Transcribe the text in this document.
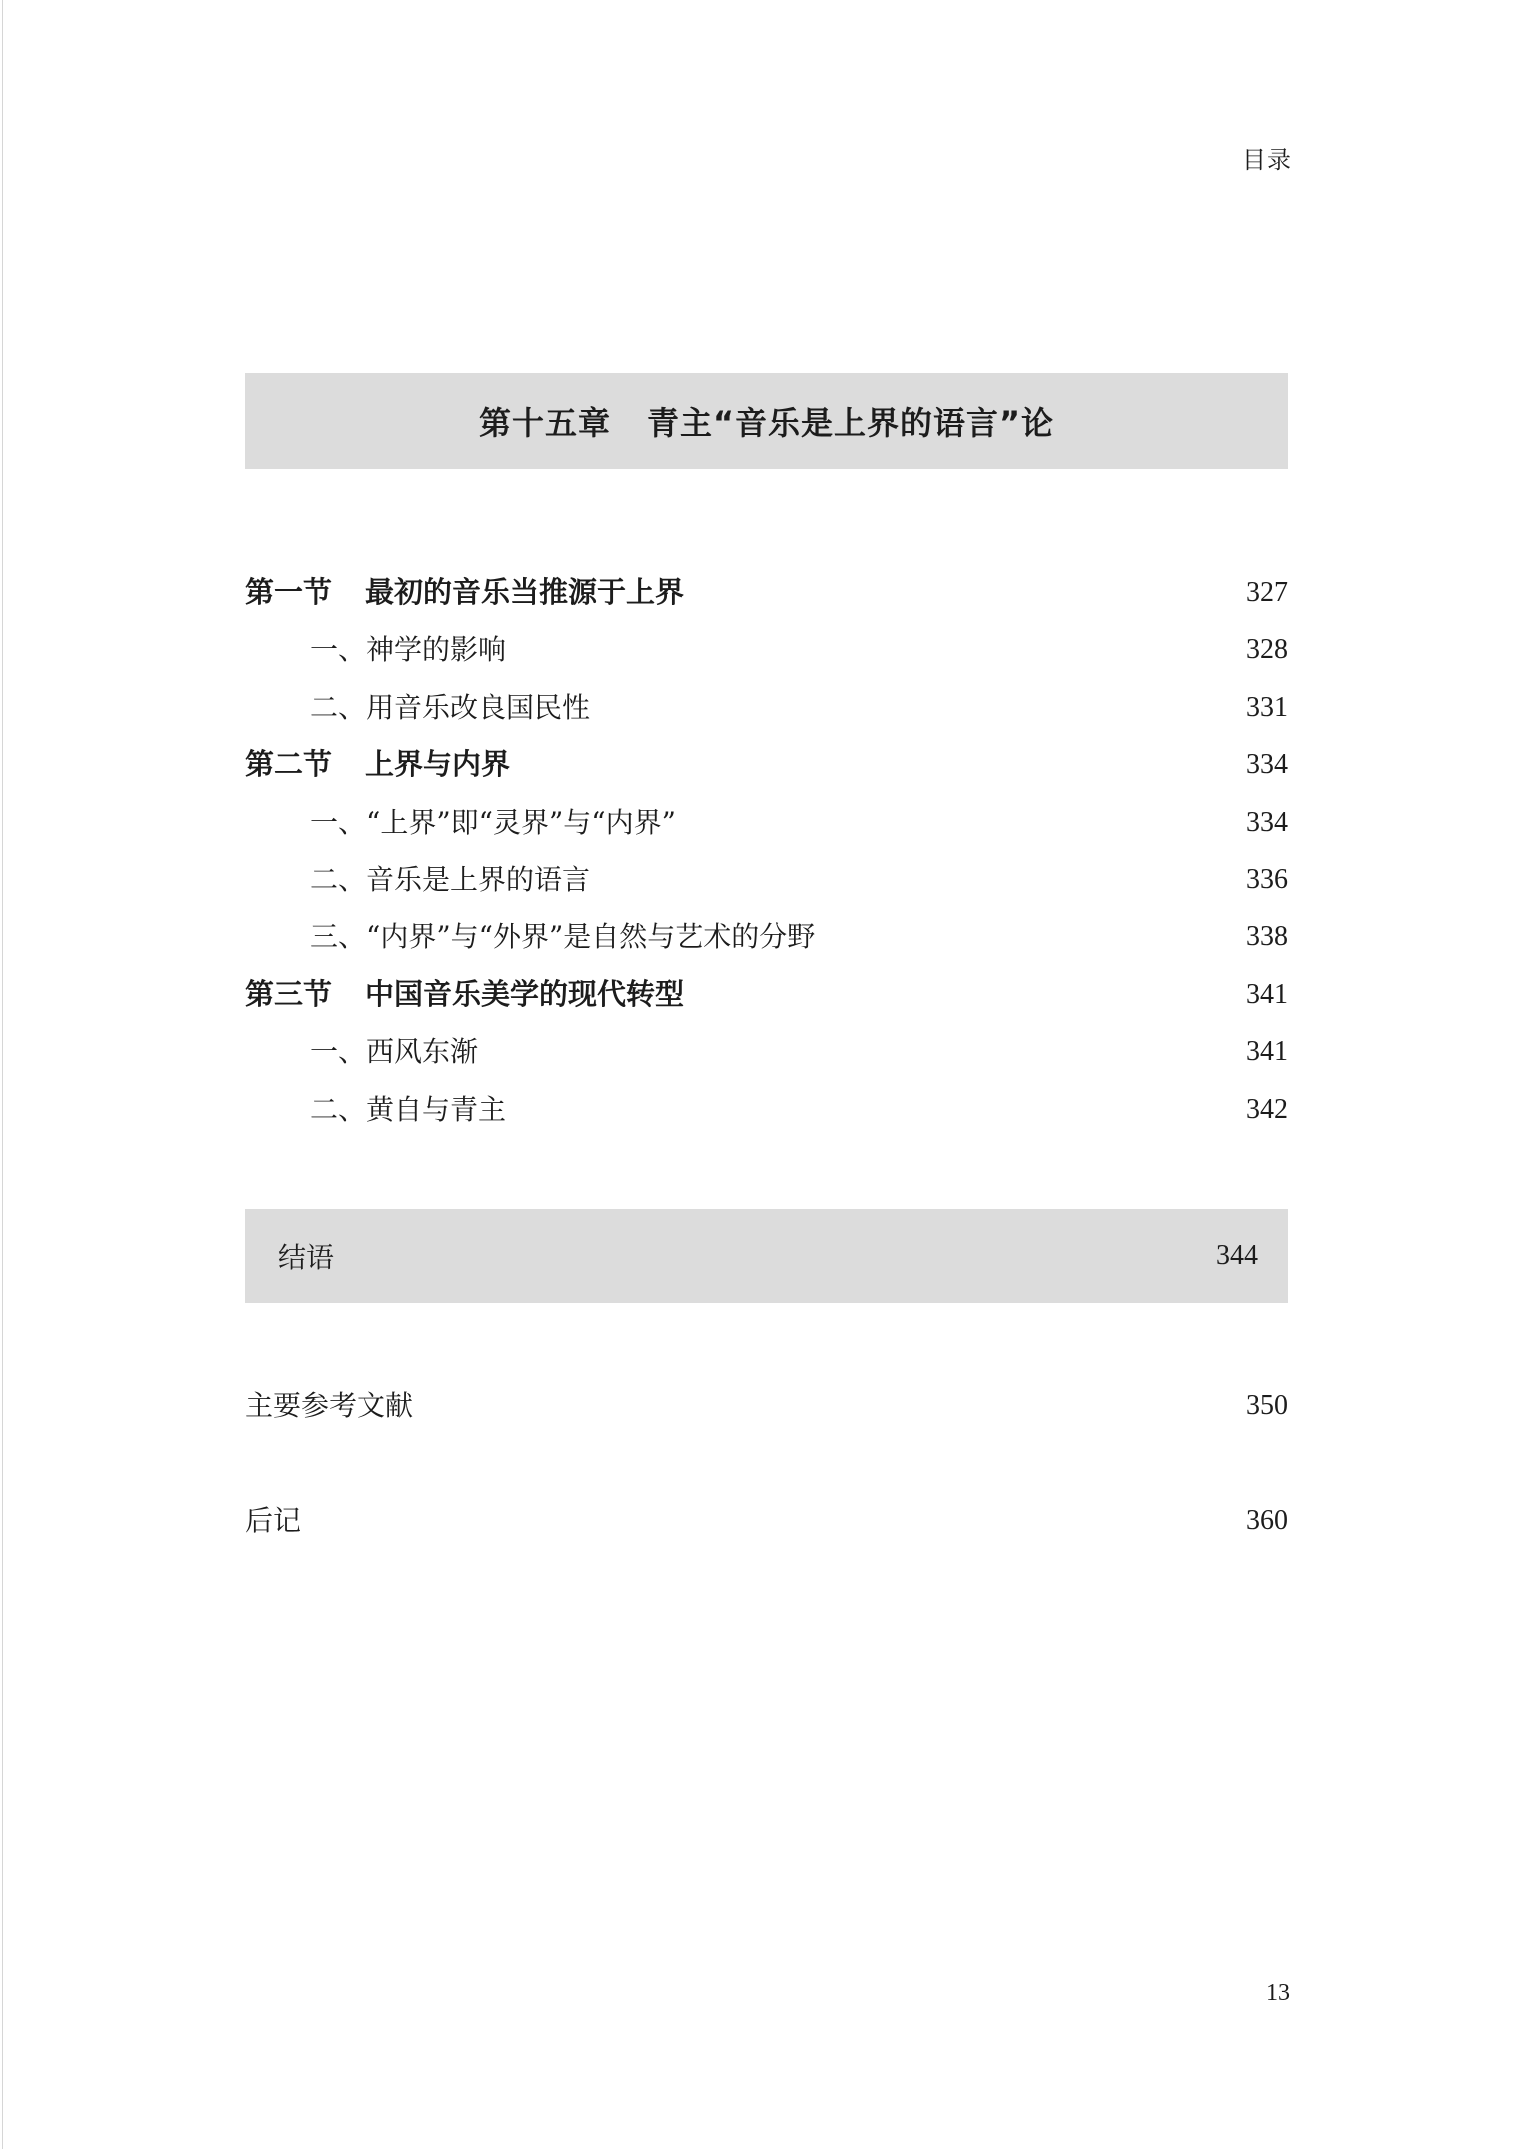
目录
第十五章 青主“音乐是上界的语言”论
第一节 最初的音乐当推源于上界	327
一、神学的影响	328
二、用音乐改良国民性	331
第二节 上界与内界	334
一、“上界”即“灵界”与“内界”	334
二、音乐是上界的语言	336
三、“内界”与“外界”是自然与艺术的分野	338
第三节 中国音乐美学的现代转型	341
一、西风东渐	341
二、黄自与青主	342
结语	344
主要参考文献	350
后记	360
13
